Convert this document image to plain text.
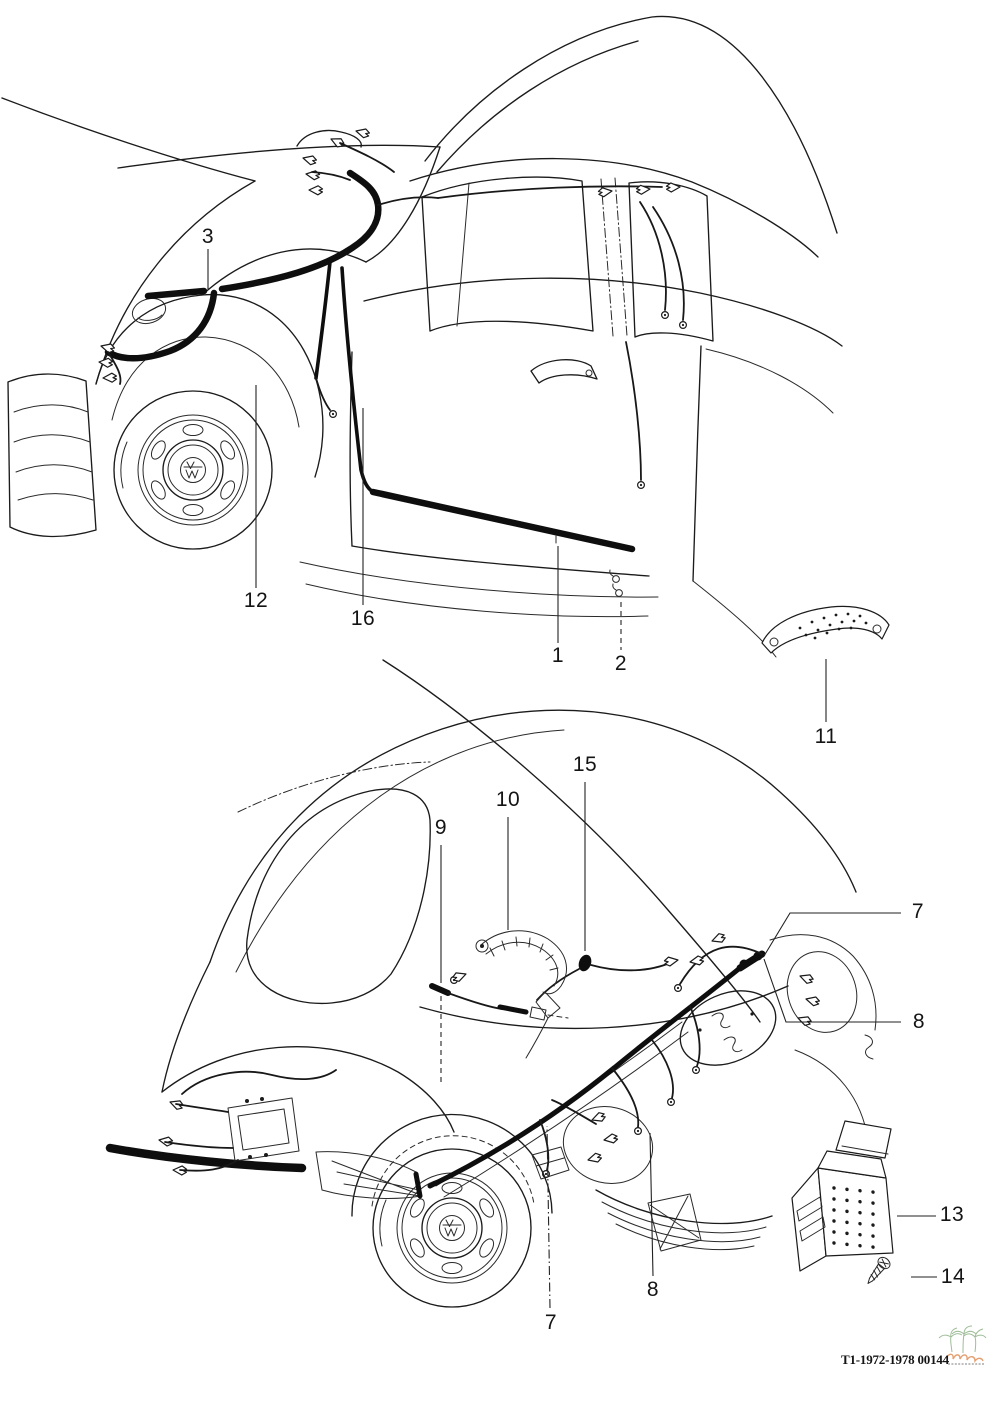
3
12
16
1 2
11
9
10
15
7
8
7
8
13
14
T1-1972-1978 00144
